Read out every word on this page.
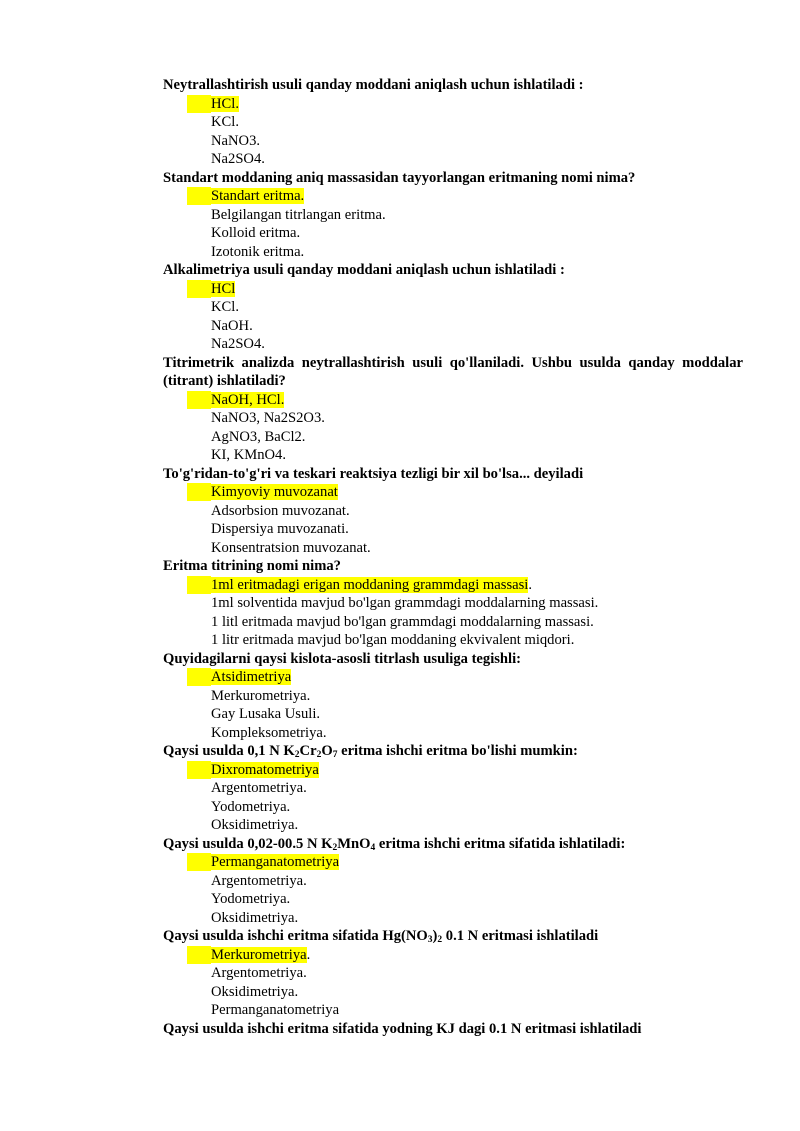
Neytrallashtirish usuli qanday moddani aniqlash uchun ishlatiladi :

HCl.

KCl.

NaNO3.

Na2SO4.

Standart moddaning aniq massasidan tayyorlangan eritmaning nomi nima?

Standart eritma.

Belgilangan titrlangan eritma.

Kolloid eritma.

Izotonik eritma.

Alkalimetriya usuli qanday moddani aniqlash uchun ishlatiladi :

HCl

KCl.

NaOH.

Na2SO4.

Titrimetrik analizda neytrallashtirish usuli qo'llaniladi. Ushbu usulda qanday moddalar (titrant) ishlatiladi?

NaOH, HCl.

NaNO3, Na2S2O3.

AgNO3, BaCl2.

KI, KMnO4.

To'g'ridan-to'g'ri va teskari reaktsiya tezligi bir xil bo'lsa... deyiladi

Kimyoviy muvozanat

Adsorbsion muvozanat.

Dispersiya muvozanati.

Konsentratsion muvozanat.

Eritma titrining nomi nima?

1ml eritmadagi erigan moddaning grammdagi massasi.

1ml solventida mavjud bo'lgan grammdagi moddalarning massasi.

1 litl eritmada mavjud bo'lgan grammdagi moddalarning massasi.

1 litr eritmada mavjud bo'lgan moddaning ekvivalent miqdori.

Quyidagilarni qaysi kislota-asosli titrlash usuliga tegishli:

Atsidimetriya

Merkurometriya.

Gay Lusaka Usuli.

Kompleksometriya.

Qaysi usulda 0,1 N $K_2Cr_2O_7$ eritma ishchi eritma bo'lishi mumkin:

Dixromatometriya

Argentometriya.

Yodometriya.

Oksidimetriya.

Qaysi usulda 0,02-00.5 N $K_2MnO_4$ eritma ishchi eritma sifatida ishlatiladi:

Permanganatometriya

Argentometriya.

Yodometriya.

Oksidimetriya.

Qaysi usulda ishchi eritma sifatida $Hg(NO_3)_2$ 0.1 N eritmasi ishlatiladi

Merkurometriya.

Argentometriya.

Oksidimetriya.

Permanganatometriya

Qaysi usulda ishchi eritma sifatida yodning KJ dagi 0.1 N eritmasi ishlatiladi
